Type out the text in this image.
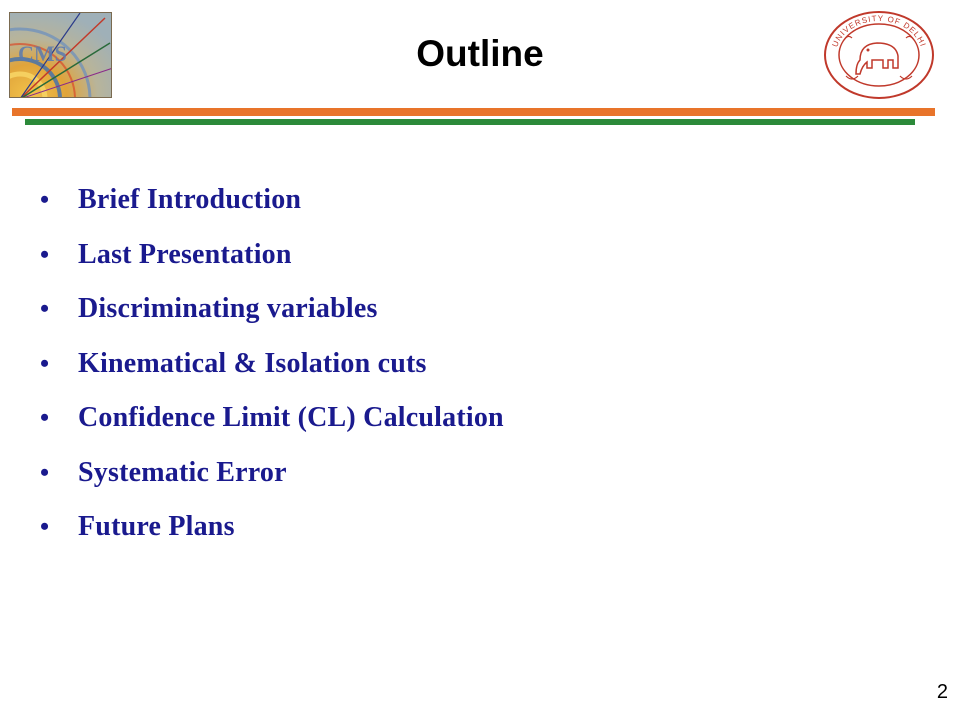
CMS	Outline	UNIVERSITY OF DELHI
•	Brief Introduction
•	Last Presentation
•	Discriminating variables
•	Kinematical & Isolation cuts
•	Confidence Limit (CL) Calculation
•	Systematic Error
•	Future Plans
2
